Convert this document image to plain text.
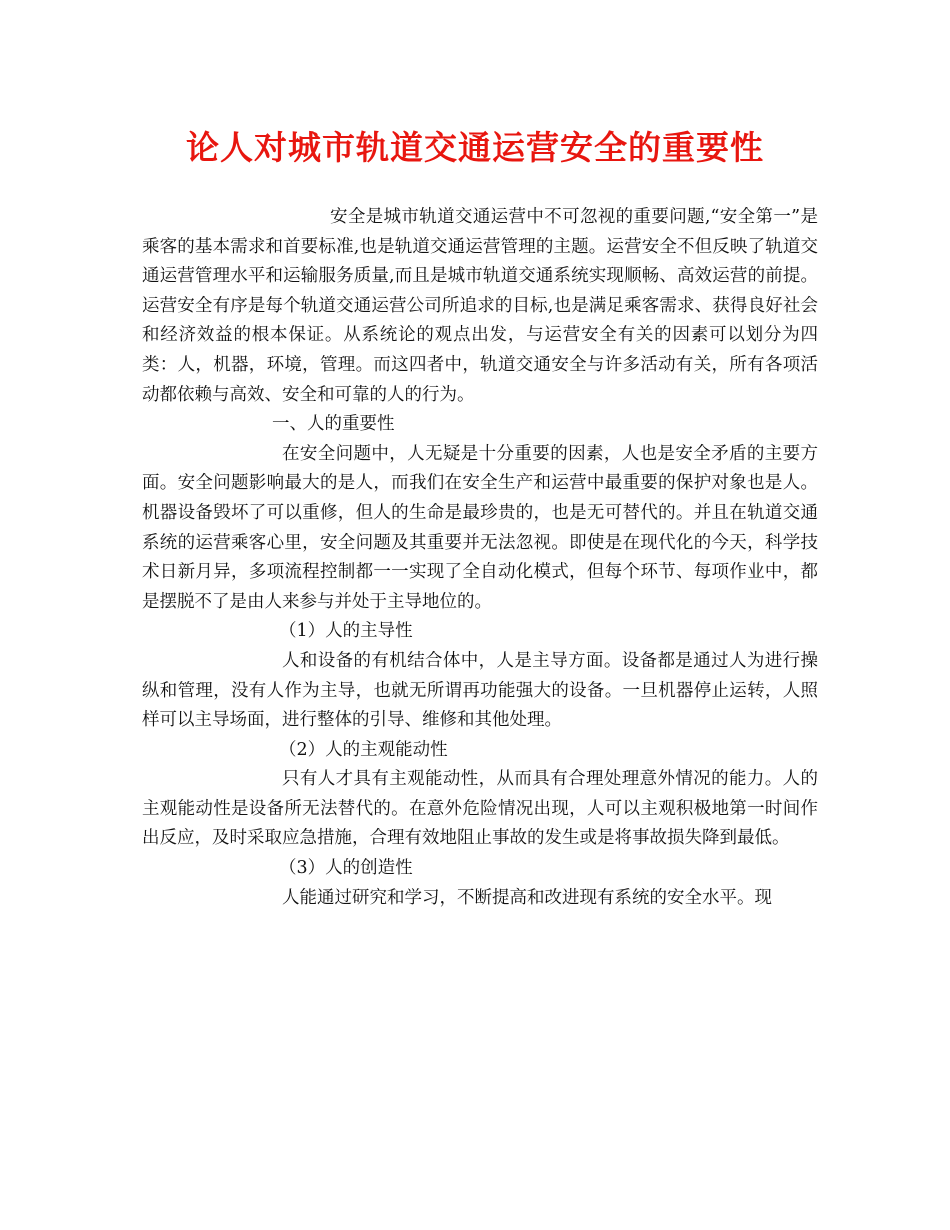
论人对城市轨道交通运营安全的重要性

安全是城市轨道交通运营中不可忽视的重要问题,“安全第一”是乘客的基本需求和首要标准,也是轨道交通运营管理的主题。运营安全不但反映了轨道交通运营管理水平和运输服务质量,而且是城市轨道交通系统实现顺畅、高效运营的前提。 运营安全有序是每个轨道交通运营公司所追求的目标,也是满足乘客需求、获得良好社会和经济效益的根本保证。从系统论的观点出发，与运营安全有关的因素可以划分为四类：人，机器，环境，管理。而这四者中，轨道交通安全与许多活动有关，所有各项活动都依赖与高效、安全和可靠的人的行为。

一、人的重要性

在安全问题中，人无疑是十分重要的因素，人也是安全矛盾的主要方面。安全问题影响最大的是人，而我们在安全生产和运营中最重要的保护对象也是人。机器设备毁坏了可以重修，但人的生命是最珍贵的，也是无可替代的。并且在轨道交通系统的运营乘客心里，安全问题及其重要并无法忽视。即使是在现代化的今天，科学技术日新月异，多项流程控制都一一实现了全自动化模式，但每个环节、每项作业中，都是摆脱不了是由人来参与并处于主导地位的。

（1）人的主导性

人和设备的有机结合体中，人是主导方面。设备都是通过人为进行操纵和管理，没有人作为主导，也就无所谓再功能强大的设备。一旦机器停止运转，人照样可以主导场面，进行整体的引导、维修和其他处理。

（2）人的主观能动性

只有人才具有主观能动性，从而具有合理处理意外情况的能力。人的主观能动性是设备所无法替代的。在意外危险情况出现，人可以主观积极地第一时间作出反应，及时采取应急措施，合理有效地阻止事故的发生或是将事故损失降到最低。

（3）人的创造性

人能通过研究和学习，不断提高和改进现有系统的安全水平。现
